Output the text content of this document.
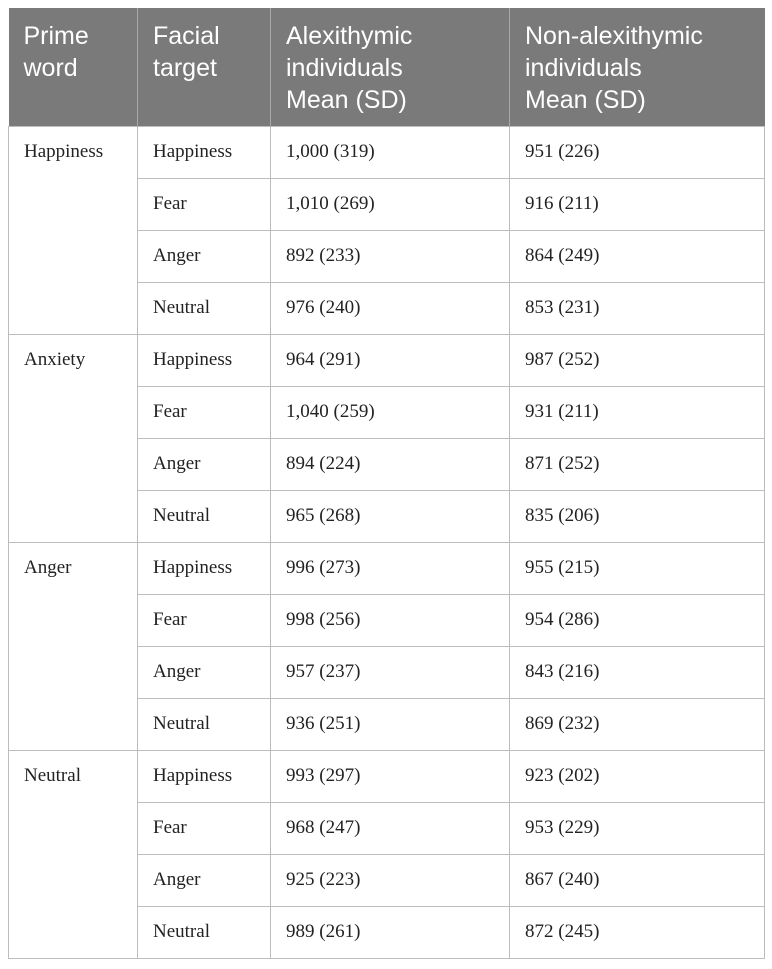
Prime
word	Facial
target	Alexithymic
individuals
Mean (SD)	Non-alexithymic
individuals
Mean (SD)

Happiness	Happiness	1,000 (319)	951 (226)
	Fear	1,010 (269)	916 (211)
	Anger	892 (233)	864 (249)
	Neutral	976 (240)	853 (231)
Anxiety	Happiness	964 (291)	987 (252)
	Fear	1,040 (259)	931 (211)
	Anger	894 (224)	871 (252)
	Neutral	965 (268)	835 (206)
Anger	Happiness	996 (273)	955 (215)
	Fear	998 (256)	954 (286)
	Anger	957 (237)	843 (216)
	Neutral	936 (251)	869 (232)
Neutral	Happiness	993 (297)	923 (202)
	Fear	968 (247)	953 (229)
	Anger	925 (223)	867 (240)
	Neutral	989 (261)	872 (245)
